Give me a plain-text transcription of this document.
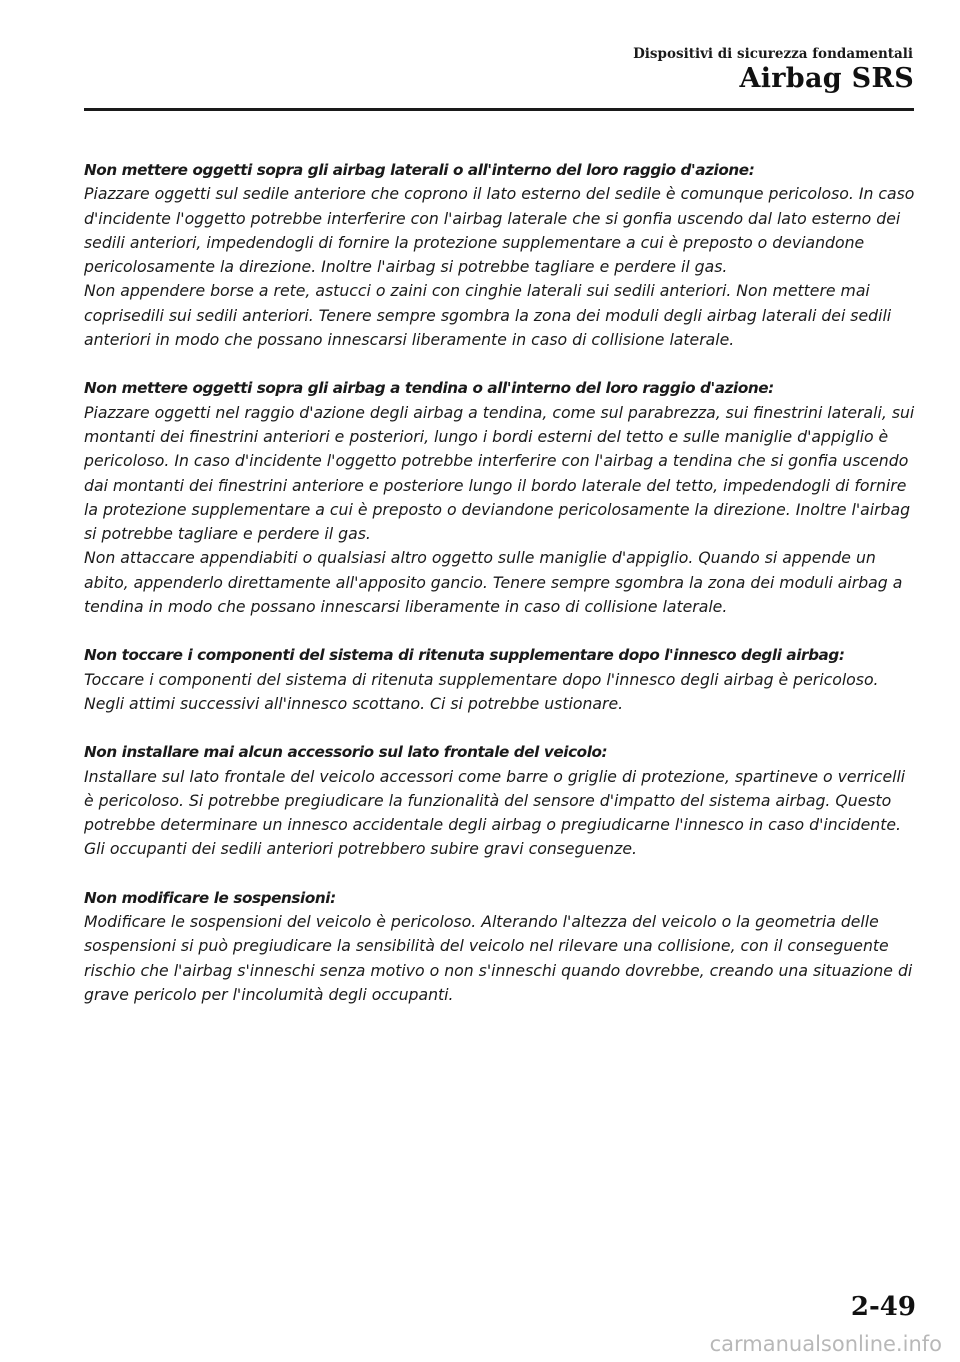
Dispositivi di sicurezza fondamentali
Airbag SRS
Non mettere oggetti sopra gli airbag laterali o all'interno del loro raggio d'azione:

Piazzare oggetti sul sedile anteriore che coprono il lato esterno del sedile è comunque pericoloso. In caso d'incidente l'oggetto potrebbe interferire con l'airbag laterale che si gonfia uscendo dal lato esterno dei sedili anteriori, impedendogli di fornire la protezione supplementare a cui è preposto o deviandone pericolosamente la direzione. Inoltre l'airbag si potrebbe tagliare e perdere il gas.

Non appendere borse a rete, astucci o zaini con cinghie laterali sui sedili anteriori. Non mettere mai coprisedili sui sedili anteriori. Tenere sempre sgombra la zona dei moduli degli airbag laterali dei sedili anteriori in modo che possano innescarsi liberamente in caso di collisione laterale.

Non mettere oggetti sopra gli airbag a tendina o all'interno del loro raggio d'azione:

Piazzare oggetti nel raggio d'azione degli airbag a tendina, come sul parabrezza, sui finestrini laterali, sui montanti dei finestrini anteriori e posteriori, lungo i bordi esterni del tetto e sulle maniglie d'appiglio è pericoloso. In caso d'incidente l'oggetto potrebbe interferire con l'airbag a tendina che si gonfia uscendo dai montanti dei finestrini anteriore e posteriore lungo il bordo laterale del tetto, impedendogli di fornire la protezione supplementare a cui è preposto o deviandone pericolosamente la direzione. Inoltre l'airbag si potrebbe tagliare e perdere il gas.

Non attaccare appendiabiti o qualsiasi altro oggetto sulle maniglie d'appiglio. Quando si appende un abito, appenderlo direttamente all'apposito gancio. Tenere sempre sgombra la zona dei moduli airbag a tendina in modo che possano innescarsi liberamente in caso di collisione laterale.

Non toccare i componenti del sistema di ritenuta supplementare dopo l'innesco degli airbag:

Toccare i componenti del sistema di ritenuta supplementare dopo l'innesco degli airbag è pericoloso. Negli attimi successivi all'innesco scottano. Ci si potrebbe ustionare.

Non installare mai alcun accessorio sul lato frontale del veicolo:

Installare sul lato frontale del veicolo accessori come barre o griglie di protezione, spartineve o verricelli è pericoloso. Si potrebbe pregiudicare la funzionalità del sensore d'impatto del sistema airbag. Questo potrebbe determinare un innesco accidentale degli airbag o pregiudicarne l'innesco in caso d'incidente. Gli occupanti dei sedili anteriori potrebbero subire gravi conseguenze.

Non modificare le sospensioni:

Modificare le sospensioni del veicolo è pericoloso. Alterando l'altezza del veicolo o la geometria delle sospensioni si può pregiudicare la sensibilità del veicolo nel rilevare una collisione, con il conseguente rischio che l'airbag s'inneschi senza motivo o non s'inneschi quando dovrebbe, creando una situazione di grave pericolo per l'incolumità degli occupanti.

2-49
carmanualsonline.info
